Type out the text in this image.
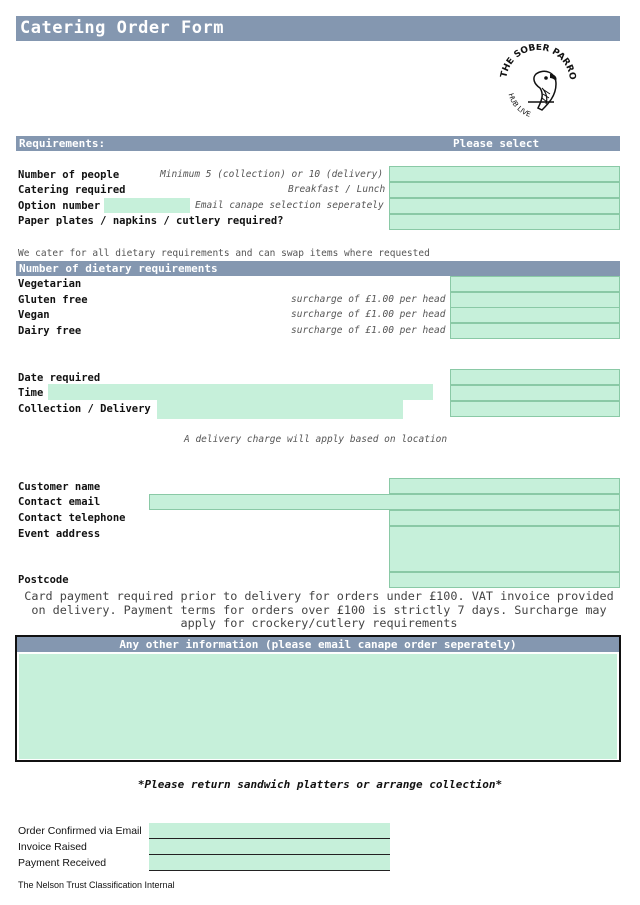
Catering Order Form
THE SOBER PARRO
HUB LIVE
Requirements:	Please select
Number of people	Minimum 5 (collection) or 10 (delivery)
Catering required	Breakfast / Lunch
Option number	Email canape selection seperately
Paper plates / napkins / cutlery required?
We cater for all dietary requirements and can swap items where requested
Number of dietary requirements
Vegetarian
Gluten free	surcharge of £1.00 per head
Vegan	surcharge of £1.00 per head
Dairy free	surcharge of £1.00 per head
Date required
Time
Collection / Delivery
A delivery charge will apply based on location
Customer name
Contact email
Contact telephone
Event address
Postcode
Card payment required prior to delivery for orders under £100. VAT invoice provided on delivery. Payment terms for orders over £100 is strictly 7 days. Surcharge may apply for crockery/cutlery requirements
Any other information (please email canape order seperately)
*Please return sandwich platters or arrange collection*
Order Confirmed via Email
Invoice Raised
Payment Received
The Nelson Trust Classification Internal
